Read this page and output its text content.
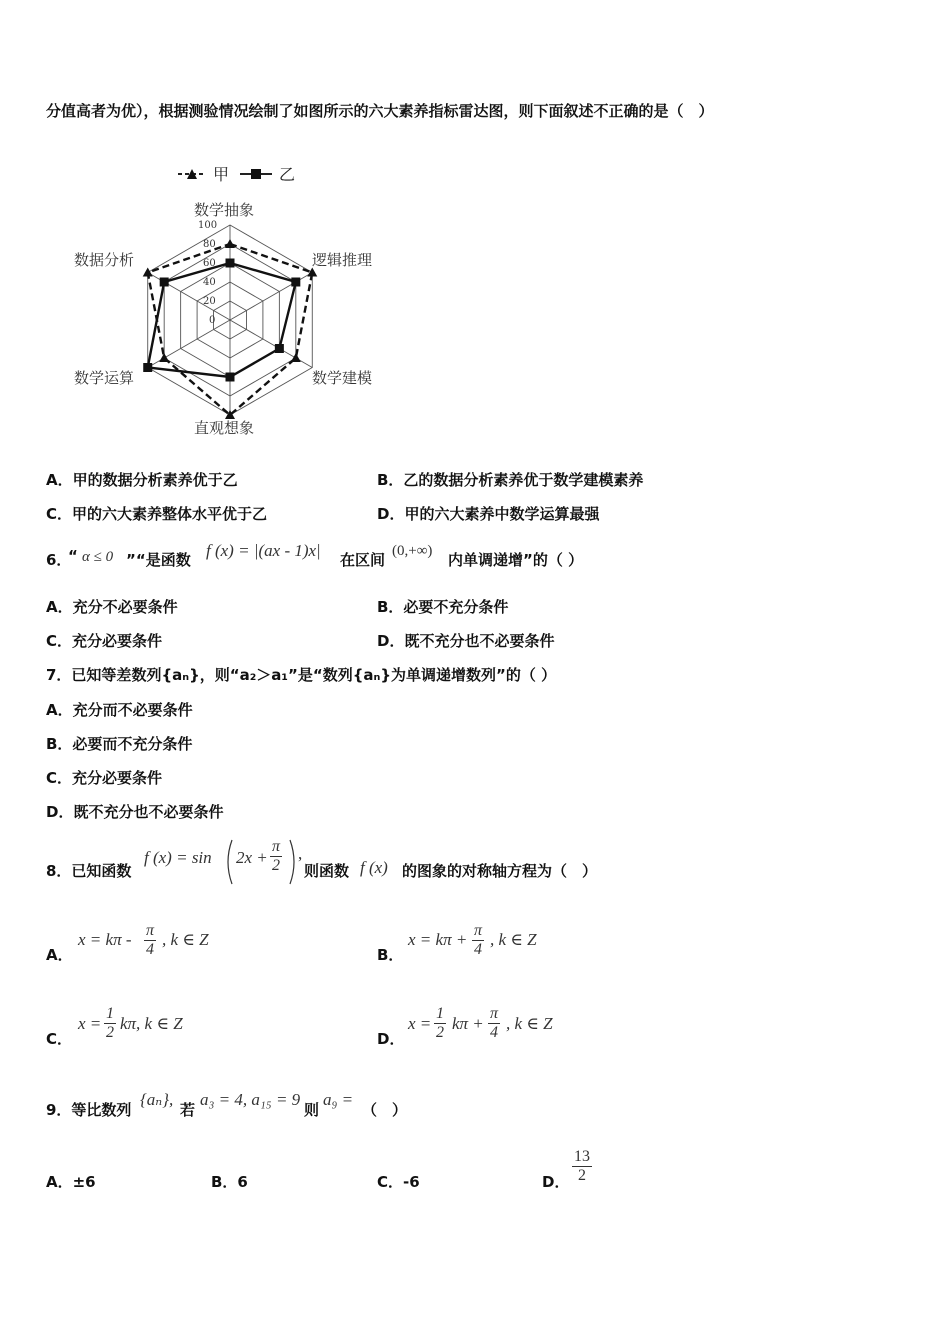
分值高者为优），根据测验情况绘制了如图所示的六大素养指标雷达图，则下面叙述不正确的是（　）
甲	乙
数学抽象
逻辑推理
数学建模
直观想象
数学运算
数据分析
100
80
60
40
20
0
A．甲的数据分析素养优于乙	B．乙的数据分析素养优于数学建模素养
C．甲的六大素养整体水平优于乙	D．甲的六大素养中数学运算最强
6．
“ α ≤ 0 ”“是函数 f (x) = |(ax - 1)x| 在区间 (0,+∞) 内单调递增”的（ ）
A．充分不必要条件	B．必要不充分条件
C．充分必要条件	D．既不充分也不必要条件
7．已知等差数列{aₙ}，则“a₂＞a₁”是“数列{aₙ}为单调递增数列”的（ ）
A．充分而不必要条件
B．必要而不充分条件
C．充分必要条件
D．既不充分也不必要条件
8．已知函数
f $(x) = \sin 2x + \frac{\pi}{2}$ ,
则函数 f (x) 的图象的对称轴方程为（　）
A．
$x = k\pi - \frac{\pi}{4}$ , k ∈ Z
B．
$x = k\pi + \frac{\pi}{4}$ , k ∈ Z
C．
$x = \frac{1}{2} k\pi$, k ∈ Z
D．
$x = \frac{1}{2}$ $k\pi + \frac{\pi}{4}$ , k ∈ Z
9．等比数列
{aₙ},
若
a₃ = 4, a₁₅ = 9
则
a₉ =
（　）
A．±6	B．6	C．-6	D． $\frac{13}{2}$
